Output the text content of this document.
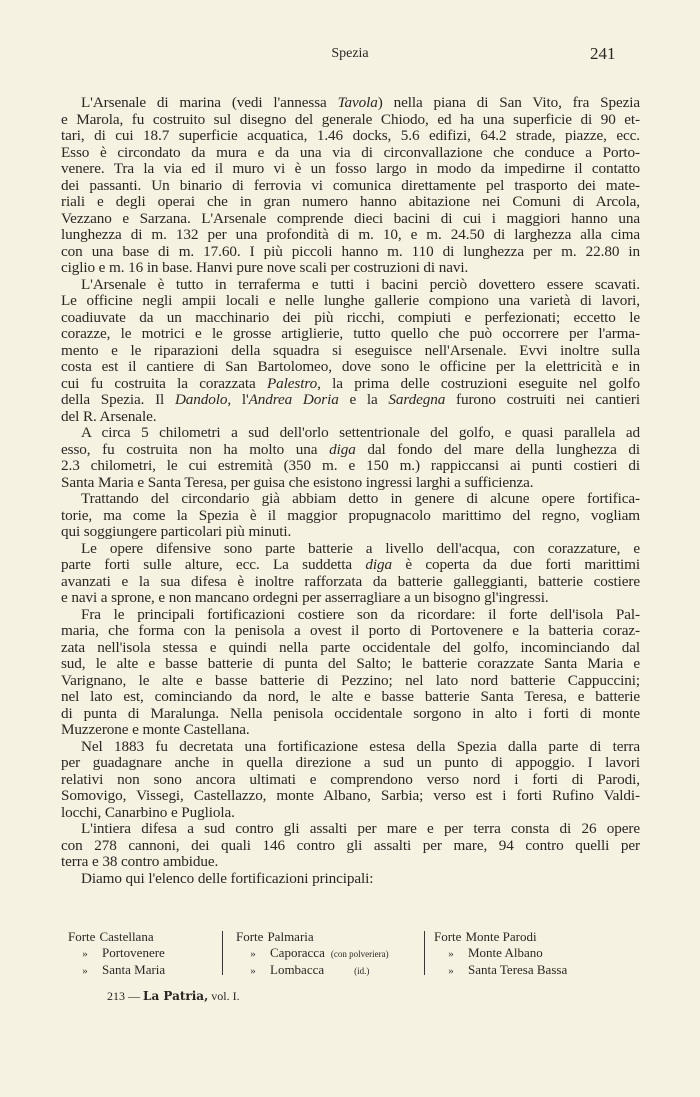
Spezia	241
L'Arsenale di marina (vedi l'annessa Tavola) nella piana di San Vito, fra Spezia
e Marola, fu costruito sul disegno del generale Chiodo, ed ha una superficie di 90 et-
tari, di cui 18.7 superficie acquatica, 1.46 docks, 5.6 edifizi, 64.2 strade, piazze, ecc.
Esso è circondato da mura e da una via di circonvallazione che conduce a Porto-
venere. Tra la via ed il muro vi è un fosso largo in modo da impedirne il contatto
dei passanti. Un binario di ferrovia vi comunica direttamente pel trasporto dei mate-
riali e degli operai che in gran numero hanno abitazione nei Comuni di Arcola,
Vezzano e Sarzana. L'Arsenale comprende dieci bacini di cui i maggiori hanno una
lunghezza di m. 132 per una profondità di m. 10, e m. 24.50 di larghezza alla cima
con una base di m. 17.60. I più piccoli hanno m. 110 di lunghezza per m. 22.80 in
ciglio e m. 16 in base. Hanvi pure nove scali per costruzioni di navi.
L'Arsenale è tutto in terraferma e tutti i bacini perciò dovettero essere scavati.
Le officine negli ampii locali e nelle lunghe gallerie compiono una varietà di lavori,
coadiuvate da un macchinario dei più ricchi, compiuti e perfezionati; eccetto le
corazze, le motrici e le grosse artiglierie, tutto quello che può occorrere per l'arma-
mento e le riparazioni della squadra si eseguisce nell'Arsenale. Evvi inoltre sulla
costa est il cantiere di San Bartolomeo, dove sono le officine per la elettricità e in
cui fu costruita la corazzata Palestro, la prima delle costruzioni eseguite nel golfo
della Spezia. Il Dandolo, l'Andrea Doria e la Sardegna furono costruiti nei cantieri
del R. Arsenale.
A circa 5 chilometri a sud dell'orlo settentrionale del golfo, e quasi parallela ad
esso, fu costruita non ha molto una diga dal fondo del mare della lunghezza di
2.3 chilometri, le cui estremità (350 m. e 150 m.) rappiccansi ai punti costieri di
Santa Maria e Santa Teresa, per guisa che esistono ingressi larghi a sufficienza.
Trattando del circondario già abbiam detto in genere di alcune opere fortifica-
torie, ma come la Spezia è il maggior propugnacolo marittimo del regno, vogliam
qui soggiungere particolari più minuti.
Le opere difensive sono parte batterie a livello dell'acqua, con corazzature, e
parte forti sulle alture, ecc. La suddetta diga è coperta da due forti marittimi
avanzati e la sua difesa è inoltre rafforzata da batterie galleggianti, batterie costiere
e navi a sprone, e non mancano ordegni per asserragliare a un bisogno gl'ingressi.
Fra le principali fortificazioni costiere son da ricordare: il forte dell'isola Pal-
maria, che forma con la penisola a ovest il porto di Portovenere e la batteria coraz-
zata nell'isola stessa e quindi nella parte occidentale del golfo, incominciando dal
sud, le alte e basse batterie di punta del Salto; le batterie corazzate Santa Maria e
Varignano, le alte e basse batterie di Pezzino; nel lato nord batterie Cappuccini;
nel lato est, cominciando da nord, le alte e basse batterie Santa Teresa, e batterie
di punta di Maralunga. Nella penisola occidentale sorgono in alto i forti di monte
Muzzerone e monte Castellana.
Nel 1883 fu decretata una fortificazione estesa della Spezia dalla parte di terra
per guadagnare anche in quella direzione a sud un punto di appoggio. I lavori
relativi non sono ancora ultimati e comprendono verso nord i forti di Parodi,
Somovigo, Vissegi, Castellazzo, monte Albano, Sarbia; verso est i forti Rufino Valdi-
locchi, Canarbino e Pugliola.
L'intiera difesa a sud contro gli assalti per mare e per terra consta di 26 opere
con 278 cannoni, dei quali 146 contro gli assalti per mare, 94 contro quelli per
terra e 38 contro ambidue.
Diamo qui l'elenco delle fortificazioni principali:
Forte Castellana
» Portovenere
» Santa Maria
Forte Palmaria
» Caporacca (con polveriera)
» Lombacca	(id.)
Forte Monte Parodi
» Monte Albano
» Santa Teresa Bassa
213 — La Patria, vol. I.
